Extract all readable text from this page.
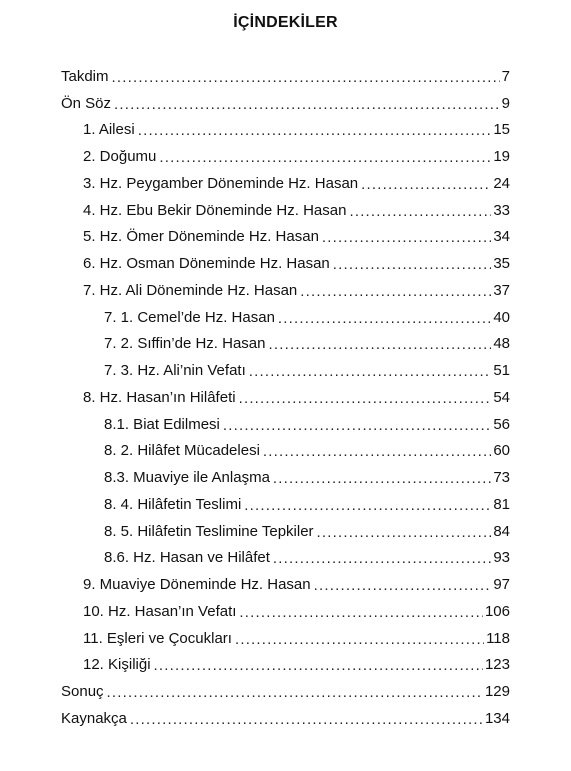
İÇİNDEKİLER
Takdim .....	7
Ön Söz .....	9
1. Ailesi .....	15
2. Doğumu .....	19
3. Hz. Peygamber Döneminde Hz. Hasan .....	24
4. Hz. Ebu Bekir Döneminde Hz. Hasan .....	33
5. Hz. Ömer Döneminde Hz. Hasan .....	34
6. Hz. Osman Döneminde Hz. Hasan .....	35
7. Hz. Ali Döneminde Hz. Hasan .....	37
7. 1. Cemel’de Hz. Hasan .....	40
7. 2. Sıffin’de Hz. Hasan .....	48
7. 3. Hz. Ali’nin Vefatı .....	51
8. Hz. Hasan’ın Hilâfeti .....	54
8.1. Biat Edilmesi .....	56
8. 2. Hilâfet Mücadelesi .....	60
8.3. Muaviye ile Anlaşma .....	73
8. 4. Hilâfetin Teslimi .....	81
8. 5. Hilâfetin Teslimine Tepkiler .....	84
8.6. Hz. Hasan ve Hilâfet .....	93
9. Muaviye Döneminde Hz. Hasan .....	97
10. Hz. Hasan’ın Vefatı .....	106
11. Eşleri ve Çocukları .....	118
12. Kişiliği .....	123
Sonuç .....	129
Kaynakça .....	134
